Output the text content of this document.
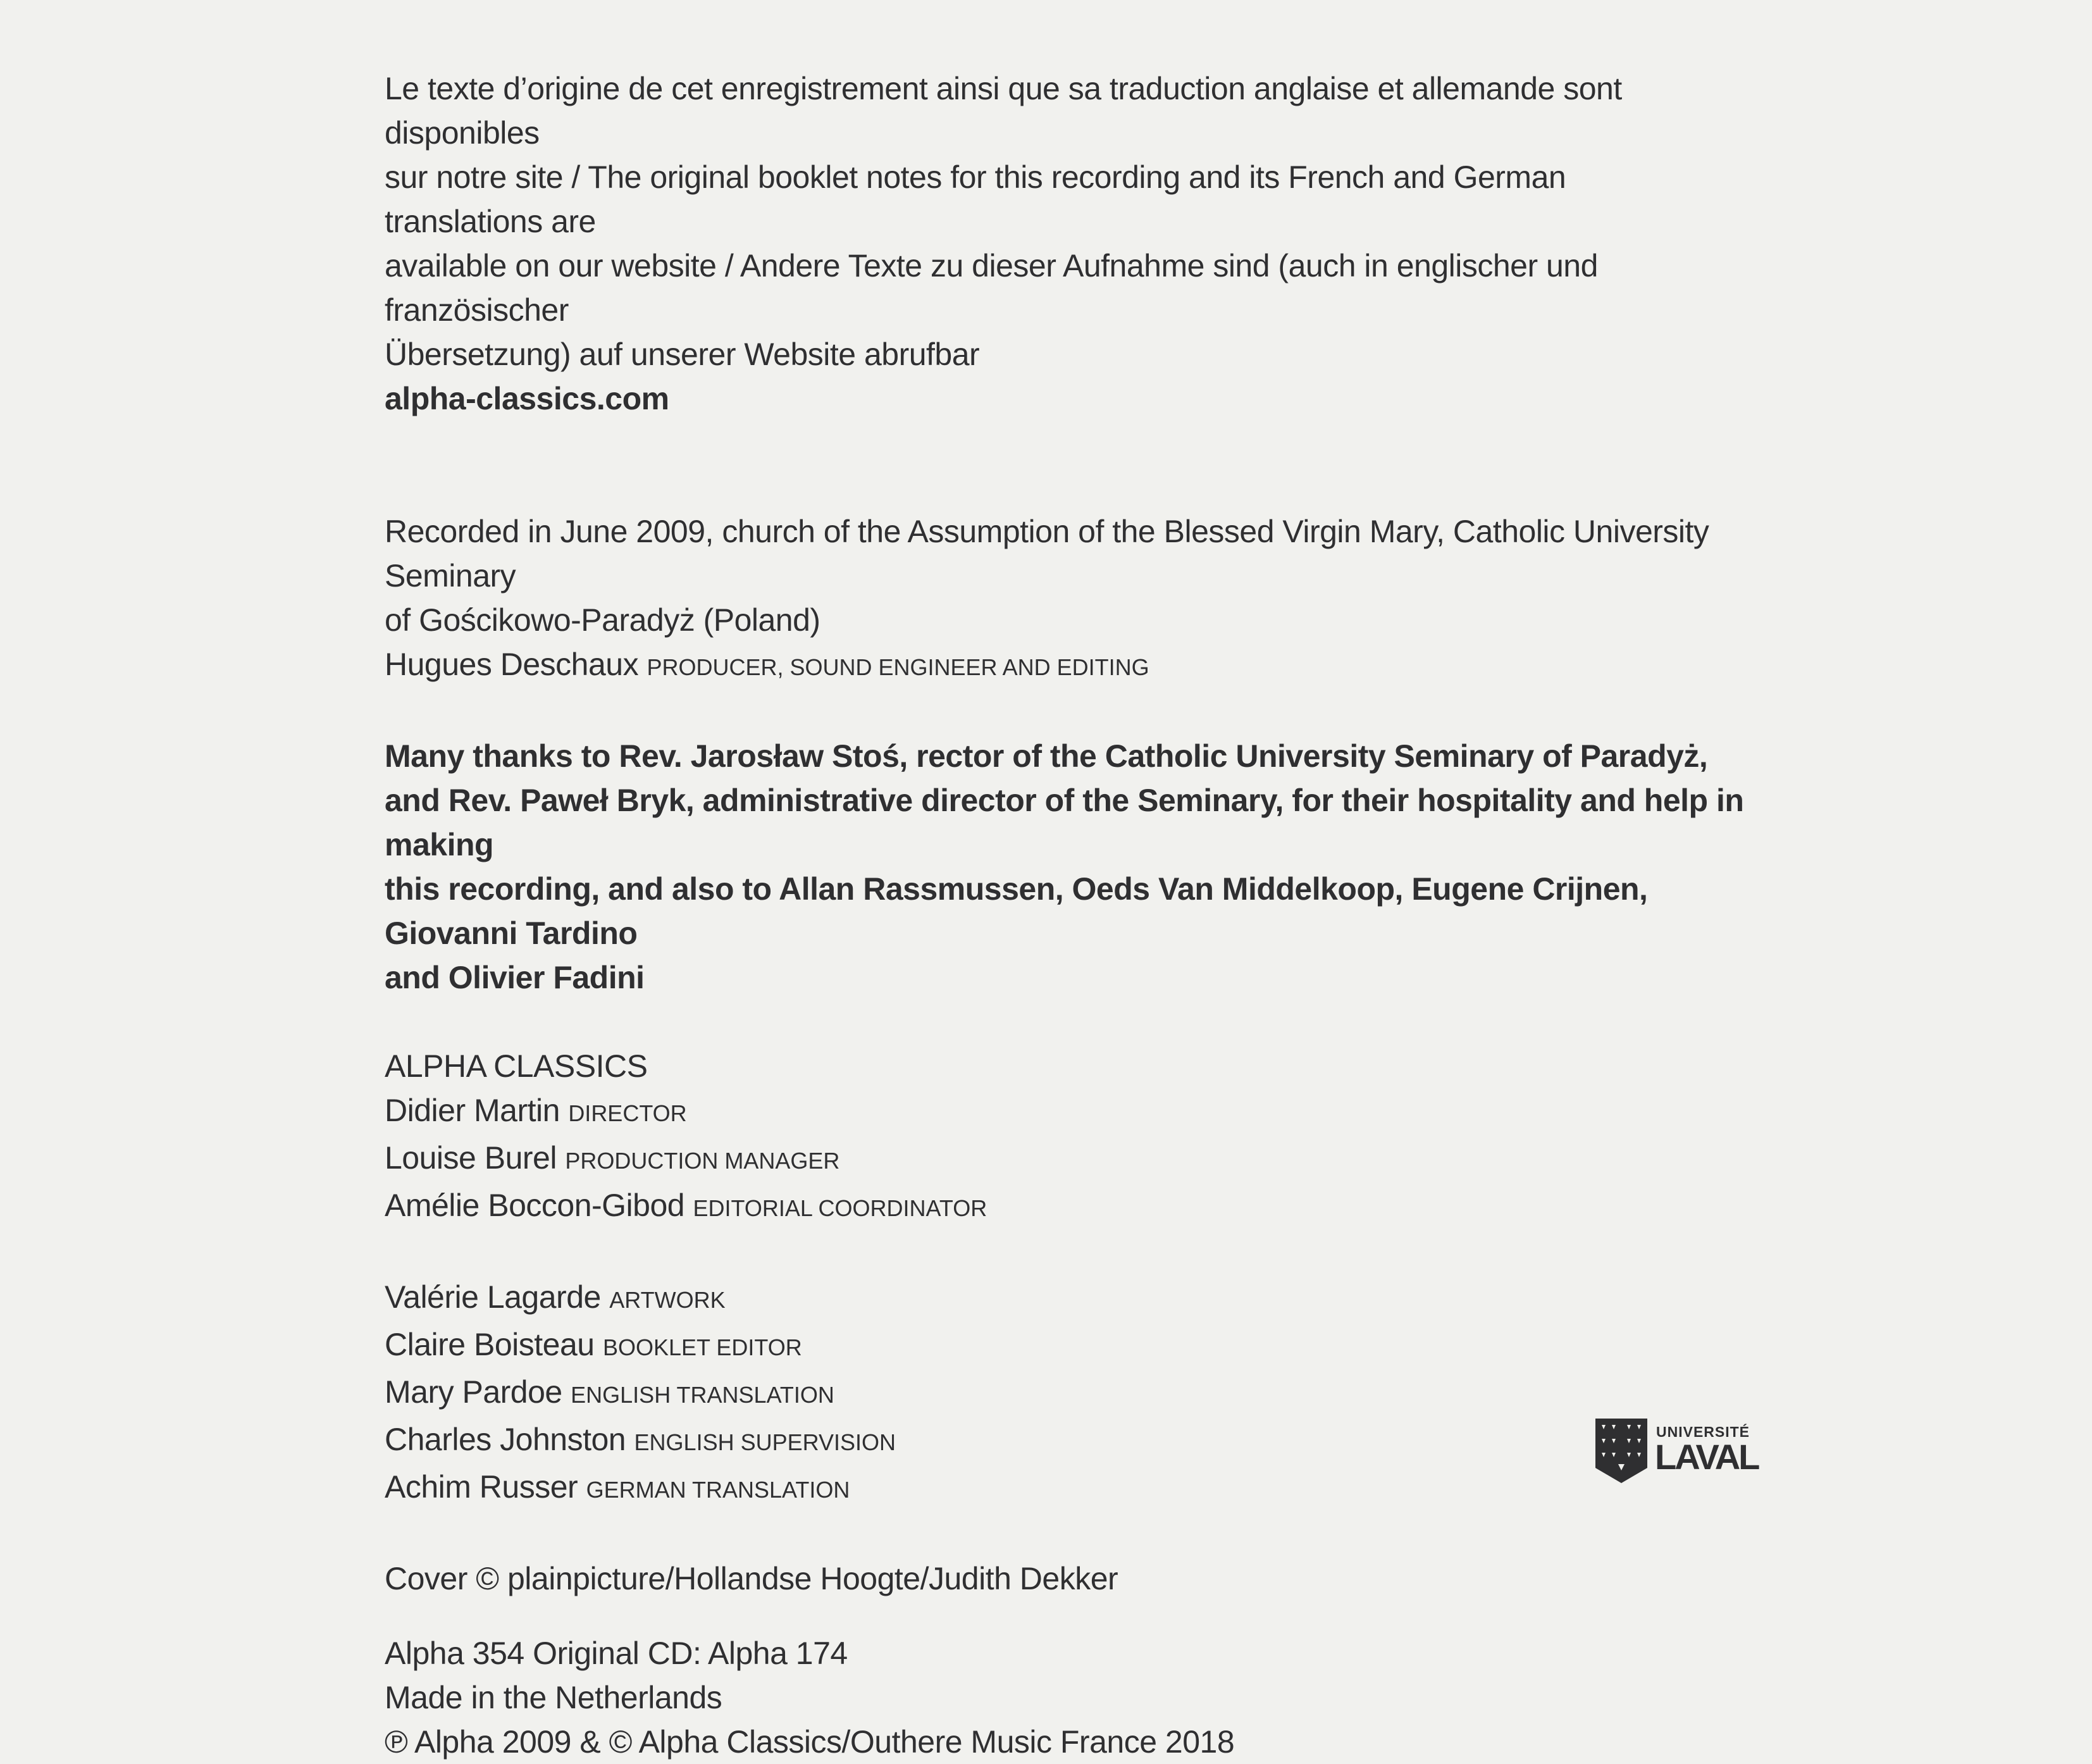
Le texte d’origine de cet enregistrement ainsi que sa traduction anglaise et allemande sont disponibles

sur notre site / The original booklet notes for this recording and its French and German translations are

available on our website / Andere Texte zu dieser Aufnahme sind (auch in englischer und französischer

Übersetzung) auf unserer Website abrufbar

alpha-classics.com

Recorded in June 2009, church of the Assumption of the Blessed Virgin Mary, Catholic University Seminary

of Gościkowo-Paradyż (Poland)

Hugues Deschaux PRODUCER, SOUND ENGINEER AND EDITING

Many thanks to Rev. Jarosław Stoś, rector of the Catholic University Seminary of Paradyż,

and Rev. Paweł Bryk, administrative director of the Seminary, for their hospitality and help in making

this recording, and also to Allan Rassmussen, Oeds Van Middelkoop, Eugene Crijnen, Giovanni Tardino

and Olivier Fadini

ALPHA CLASSICS

Didier Martin DIRECTOR

Louise Burel PRODUCTION MANAGER

Amélie Boccon-Gibod EDITORIAL COORDINATOR

Valérie Lagarde ARTWORK

Claire Boisteau BOOKLET EDITOR

Mary Pardoe ENGLISH TRANSLATION

Charles Johnston ENGLISH SUPERVISION

Achim Russer GERMAN TRANSLATION

Cover © plainpicture/Hollandse Hoogte/Judith Dekker

Alpha 354 Original CD: Alpha 174

Made in the Netherlands

℗ Alpha 2009 & © Alpha Classics/Outhere Music France 2018

UNIVERSITÉ
LAVAL
